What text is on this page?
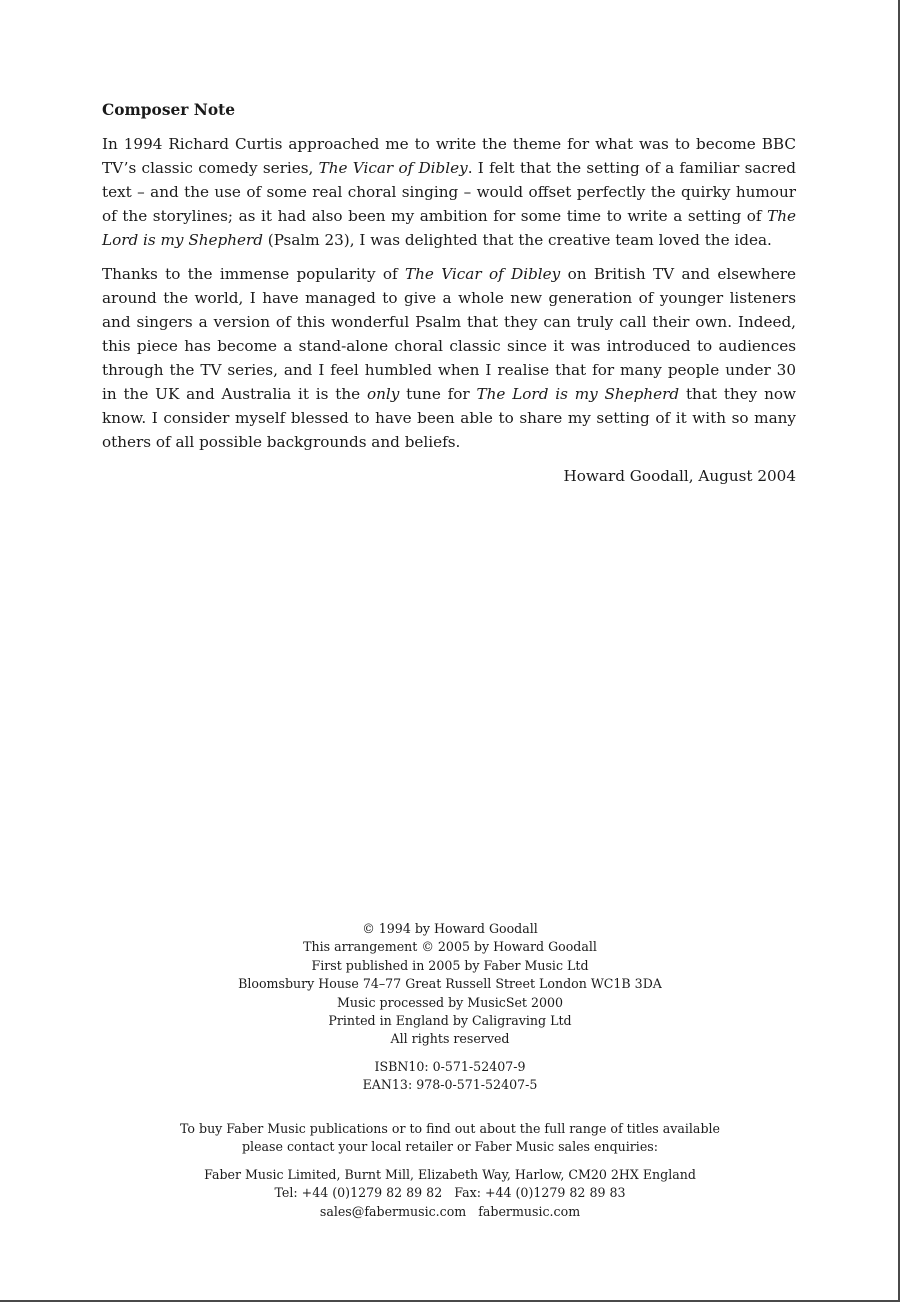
Composer Note

In 1994 Richard Curtis approached me to write the theme for what was to become BBC TV’s classic comedy series, The Vicar of Dibley. I felt that the setting of a familiar sacred text – and the use of some real choral singing – would offset perfectly the quirky humour of the storylines; as it had also been my ambition for some time to write a setting of The Lord is my Shepherd (Psalm 23), I was delighted that the creative team loved the idea.

Thanks to the immense popularity of The Vicar of Dibley on British TV and elsewhere around the world, I have managed to give a whole new generation of younger listeners and singers a version of this wonderful Psalm that they can truly call their own. Indeed, this piece has become a stand-alone choral classic since it was introduced to audiences through the TV series, and I feel humbled when I realise that for many people under 30 in the UK and Australia it is the only tune for The Lord is my Shepherd that they now know. I consider myself blessed to have been able to share my setting of it with so many others of all possible backgrounds and beliefs.

Howard Goodall, August 2004
© 1994 by Howard Goodall
This arrangement © 2005 by Howard Goodall
First published in 2005 by Faber Music Ltd
Bloomsbury House 74–77 Great Russell Street London WC1B 3DA
Music processed by MusicSet 2000
Printed in England by Caligraving Ltd
All rights reserved
ISBN10: 0-571-52407-9
EAN13: 978-0-571-52407-5
To buy Faber Music publications or to find out about the full range of titles available
please contact your local retailer or Faber Music sales enquiries:
Faber Music Limited, Burnt Mill, Elizabeth Way, Harlow, CM20 2HX England
Tel: +44 (0)1279 82 89 82 Fax: +44 (0)1279 82 89 83
sales@fabermusic.com fabermusic.com
